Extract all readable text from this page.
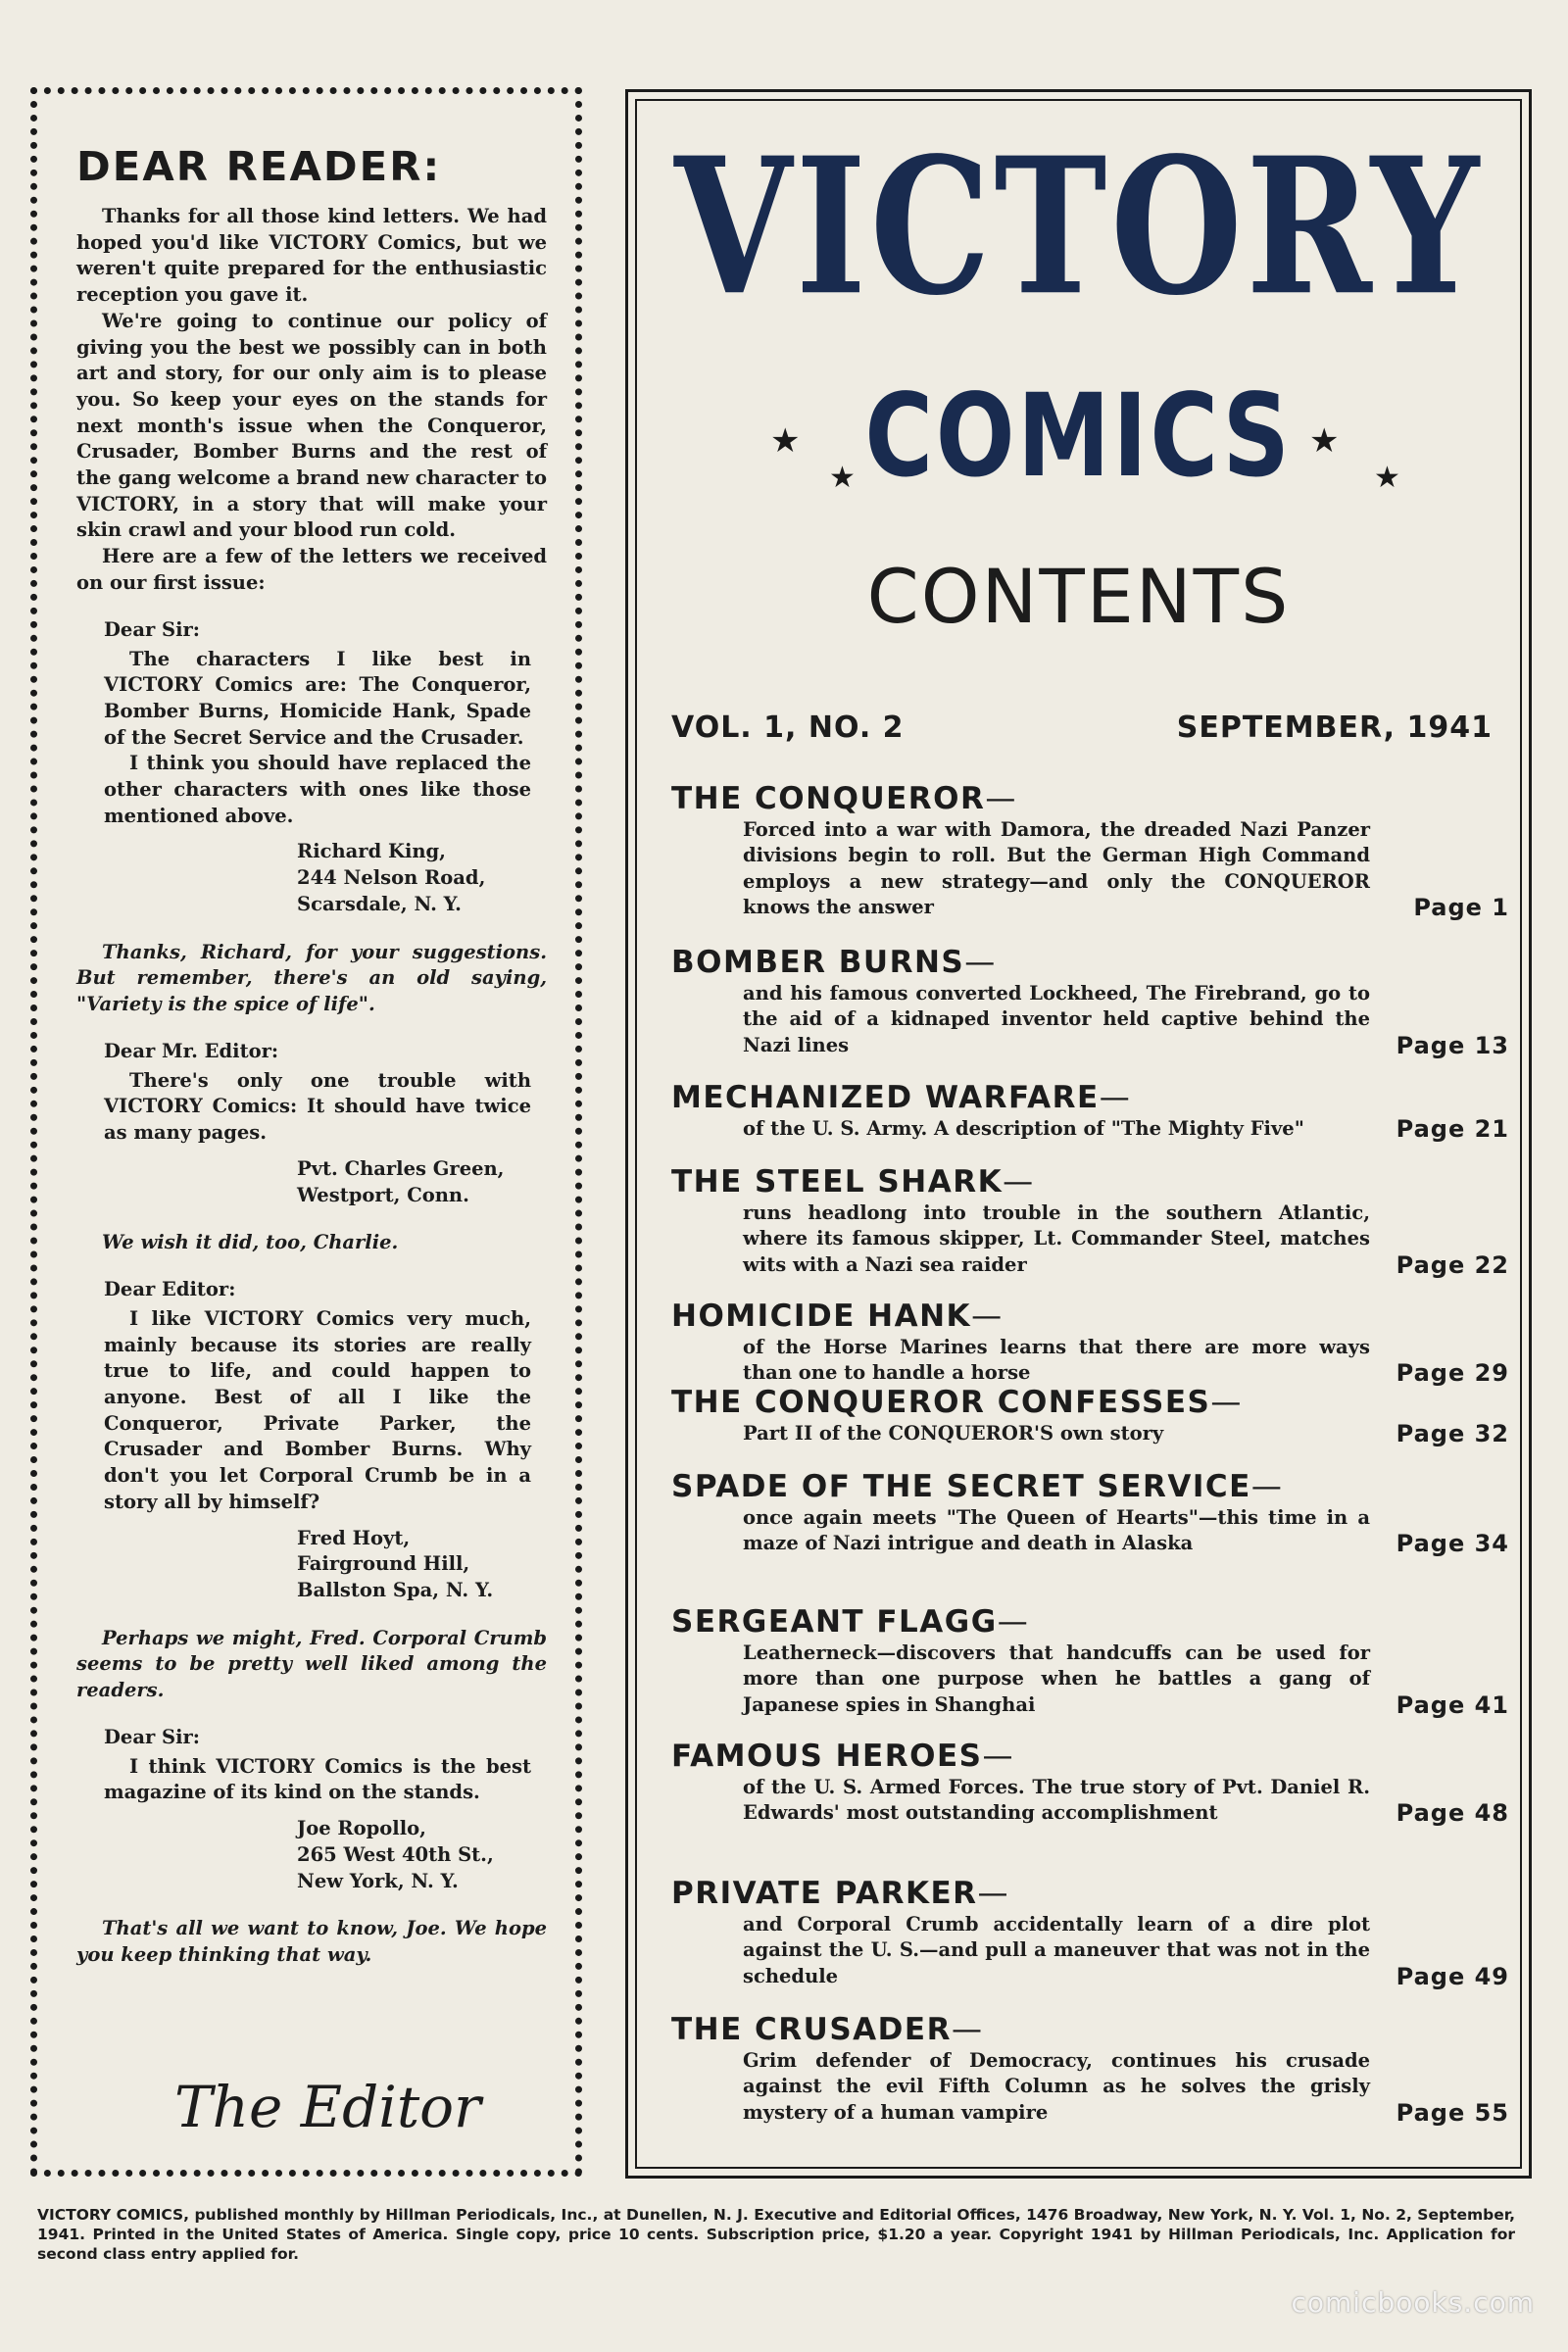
DEAR READER:

Thanks for all those kind letters. We had hoped you'd like VICTORY Comics, but we weren't quite prepared for the enthusiastic reception you gave it.

We're going to continue our policy of giving you the best we possibly can in both art and story, for our only aim is to please you. So keep your eyes on the stands for next month's issue when the Conqueror, Crusader, Bomber Burns and the rest of the gang welcome a brand new character to VICTORY, in a story that will make your skin crawl and your blood run cold.

Here are a few of the letters we received on our first issue:

Dear Sir:

The characters I like best in VICTORY Comics are: The Conqueror, Bomber Burns, Homicide Hank, Spade of the Secret Service and the Crusader.

I think you should have replaced the other characters with ones like those mentioned above.

Richard King,
244 Nelson Road,
Scarsdale, N. Y.

Thanks, Richard, for your suggestions. But remember, there's an old saying, "Variety is the spice of life".

Dear Mr. Editor:

There's only one trouble with VICTORY Comics: It should have twice as many pages.

Pvt. Charles Green,
Westport, Conn.

We wish it did, too, Charlie.

Dear Editor:

I like VICTORY Comics very much, mainly because its stories are really true to life, and could happen to anyone. Best of all I like the Conqueror, Private Parker, the Crusader and Bomber Burns. Why don't you let Corporal Crumb be in a story all by himself?

Fred Hoyt,
Fairground Hill,
Ballston Spa, N. Y.

Perhaps we might, Fred. Corporal Crumb seems to be pretty well liked among the readers.

Dear Sir:

I think VICTORY Comics is the best magazine of its kind on the stands.

Joe Ropollo,
265 West 40th St.,
New York, N. Y.

That's all we want to know, Joe. We hope you keep thinking that way.

The Editor

VICTORY
★
★ COMICS ★
★
CONTENTS
VOL. 1, NO. 2	SEPTEMBER, 1941
THE CONQUEROR—
Forced into a war with Damora, the dreaded Nazi Panzer divisions begin to roll. But the German High Command employs a new strategy—and only the CONQUEROR knows the answer	Page 1
BOMBER BURNS—
and his famous converted Lockheed, The Firebrand, go to the aid of a kidnaped inventor held captive behind the Nazi lines	Page 13
MECHANIZED WARFARE—
of the U. S. Army. A description of "The Mighty Five"	Page 21
THE STEEL SHARK—
runs headlong into trouble in the southern Atlantic, where its famous skipper, Lt. Commander Steel, matches wits with a Nazi sea raider	Page 22
HOMICIDE HANK—
of the Horse Marines learns that there are more ways than one to handle a horse	Page 29
THE CONQUEROR CONFESSES—
Part II of the CONQUEROR'S own story	Page 32
SPADE OF THE SECRET SERVICE—
once again meets "The Queen of Hearts"—this time in a maze of Nazi intrigue and death in Alaska	Page 34
SERGEANT FLAGG—
Leatherneck—discovers that handcuffs can be used for more than one purpose when he battles a gang of Japanese spies in Shanghai	Page 41
FAMOUS HEROES—
of the U. S. Armed Forces. The true story of Pvt. Daniel R. Edwards' most outstanding accomplishment	Page 48
PRIVATE PARKER—
and Corporal Crumb accidentally learn of a dire plot against the U. S.—and pull a maneuver that was not in the schedule	Page 49
THE CRUSADER—
Grim defender of Democracy, continues his crusade against the evil Fifth Column as he solves the grisly mystery of a human vampire	Page 55

VICTORY COMICS, published monthly by Hillman Periodicals, Inc., at Dunellen, N. J. Executive and Editorial Offices, 1476 Broadway, New York, N. Y. Vol. 1, No. 2, September, 1941. Printed in the United States of America. Single copy, price 10 cents. Subscription price, $1.20 a year. Copyright 1941 by Hillman Periodicals, Inc. Application for second class entry applied for.

comicbooks.com
